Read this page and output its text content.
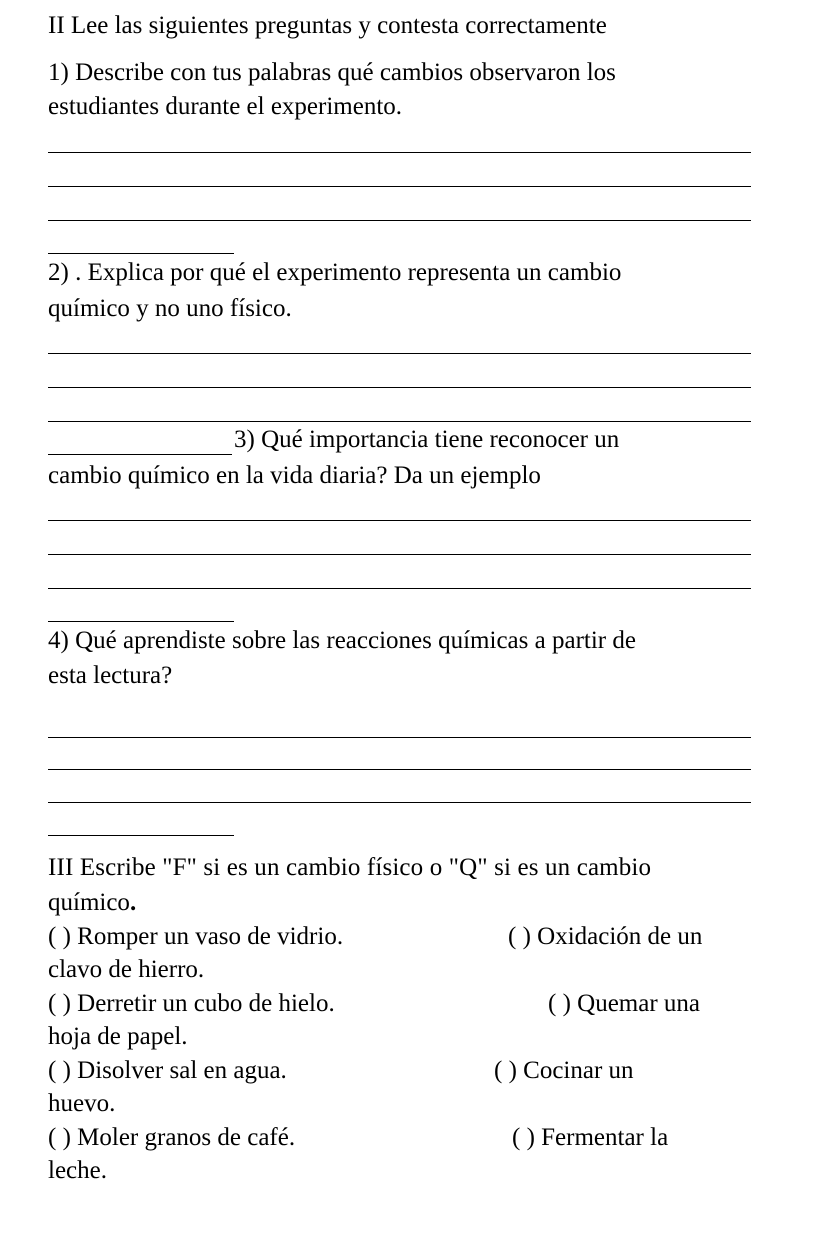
II Lee las siguientes preguntas y contesta correctamente

1) Describe con tus palabras qué cambios observaron los

estudiantes durante el experimento.

2) . Explica por qué el experimento representa un cambio

químico y no uno físico.

3) Qué importancia tiene reconocer un

cambio químico en la vida diaria? Da un ejemplo

4) Qué aprendiste sobre las reacciones químicas a partir de

esta lectura?

III Escribe "F" si es un cambio físico o "Q" si es un cambio

químico.

( ) Romper un vaso de vidrio.	( ) Oxidación de un

clavo de hierro.

( ) Derretir un cubo de hielo.	( ) Quemar una

hoja de papel.

( ) Disolver sal en agua.	( ) Cocinar un

huevo.

( ) Moler granos de café.	( ) Fermentar la

leche.
